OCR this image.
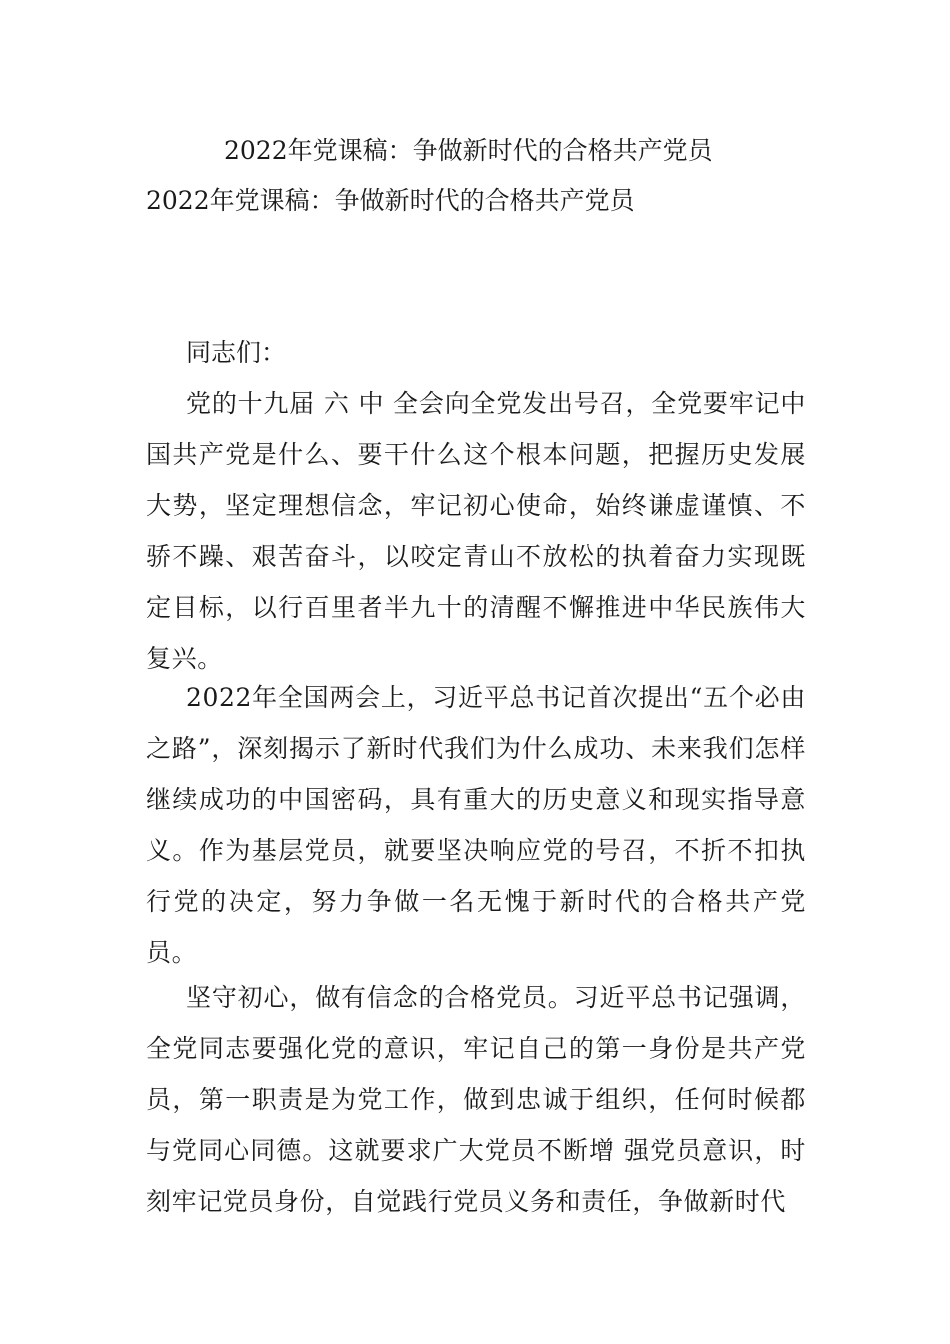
2022年党课稿：争做新时代的合格共产党员
2022年党课稿：争做新时代的合格共产党员
同志们：

党的十九届 六 中 全会向全党发出号召，全党要牢记中国共产党是什么、要干什么这个根本问题，把握历史发展大势，坚定理想信念，牢记初心使命，始终谦虚谨慎、不骄不躁、艰苦奋斗，以咬定青山不放松的执着奋力实现既定目标，以行百里者半九十的清醒不懈推进中华民族伟大复兴。

2022年全国两会上，习近平总书记首次提出“五个必由之路”，深刻揭示了新时代我们为什么成功、未来我们怎样继续成功的中国密码，具有重大的历史意义和现实指导意义。作为基层党员，就要坚决响应党的号召，不折不扣执行党的决定，努力争做一名无愧于新时代的合格共产党员。

坚守初心，做有信念的合格党员。习近平总书记强调，全党同志要强化党的意识，牢记自己的第一身份是共产党员，第一职责是为党工作，做到忠诚于组织，任何时候都与党同心同德。这就要求广大党员不断增 强党员意识，时刻牢记党员身份，自觉践行党员义务和责任，争做新时代
